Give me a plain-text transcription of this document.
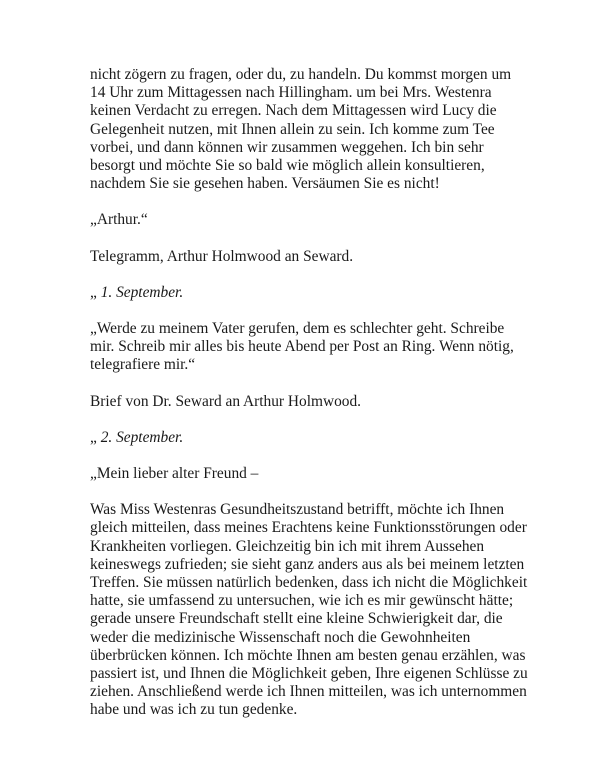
nicht zögern zu fragen, oder du, zu handeln. Du kommst morgen um
14 Uhr zum Mittagessen nach Hillingham. um bei Mrs. Westenra
keinen Verdacht zu erregen. Nach dem Mittagessen wird Lucy die
Gelegenheit nutzen, mit Ihnen allein zu sein. Ich komme zum Tee
vorbei, und dann können wir zusammen weggehen. Ich bin sehr
besorgt und möchte Sie so bald wie möglich allein konsultieren,
nachdem Sie sie gesehen haben. Versäumen Sie es nicht!

„Arthur.“

Telegramm, Arthur Holmwood an Seward.

„ 1. September.

„Werde zu meinem Vater gerufen, dem es schlechter geht. Schreibe
mir. Schreib mir alles bis heute Abend per Post an Ring. Wenn nötig,
telegrafiere mir.“

Brief von Dr. Seward an Arthur Holmwood.

„ 2. September.

„Mein lieber alter Freund –

Was Miss Westenras Gesundheitszustand betrifft, möchte ich Ihnen
gleich mitteilen, dass meines Erachtens keine Funktionsstörungen oder
Krankheiten vorliegen. Gleichzeitig bin ich mit ihrem Aussehen
keineswegs zufrieden; sie sieht ganz anders aus als bei meinem letzten
Treffen. Sie müssen natürlich bedenken, dass ich nicht die Möglichkeit
hatte, sie umfassend zu untersuchen, wie ich es mir gewünscht hätte;
gerade unsere Freundschaft stellt eine kleine Schwierigkeit dar, die
weder die medizinische Wissenschaft noch die Gewohnheiten
überbrücken können. Ich möchte Ihnen am besten genau erzählen, was
passiert ist, und Ihnen die Möglichkeit geben, Ihre eigenen Schlüsse zu
ziehen. Anschließend werde ich Ihnen mitteilen, was ich unternommen
habe und was ich zu tun gedenke.
